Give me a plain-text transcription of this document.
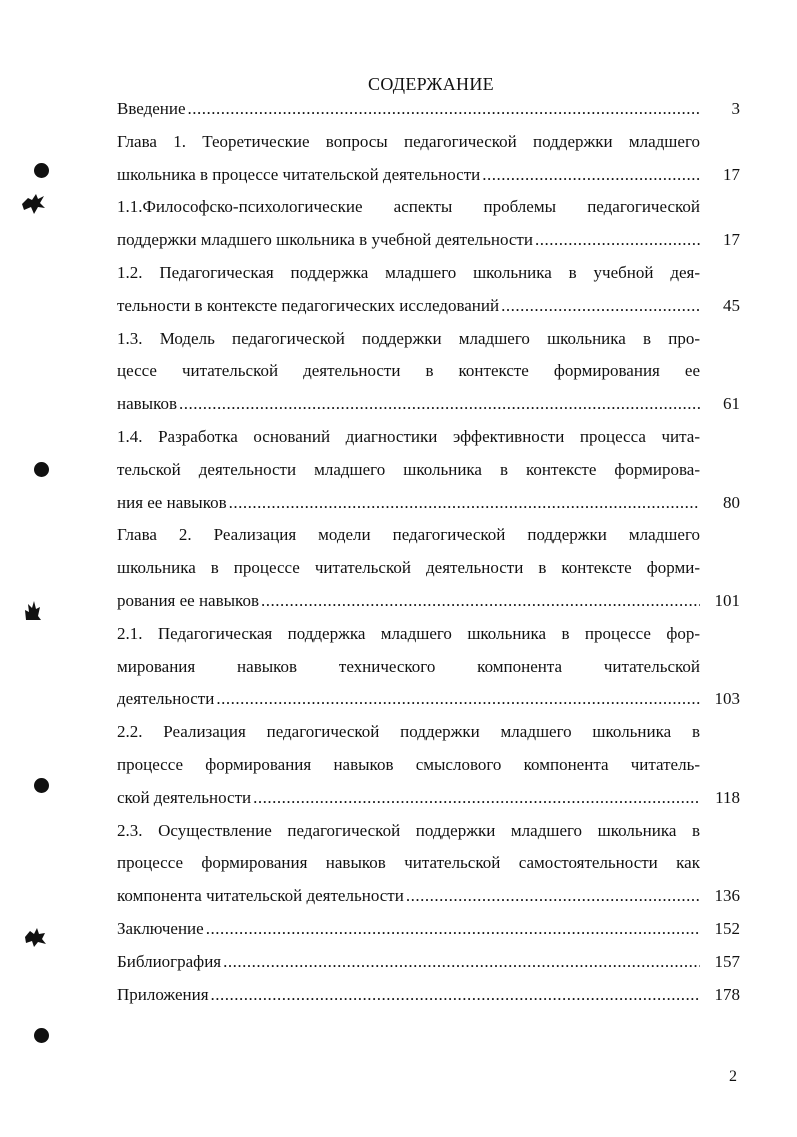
СОДЕРЖАНИЕ
Введение .....	3
Глава 1. Теоретические вопросы педагогической поддержки младшего
школьника в процессе читательской деятельности .....	17
1.1.Философско-психологические аспекты проблемы педагогической
поддержки младшего школьника в учебной деятельности .....	17
1.2. Педагогическая поддержка младшего школьника в учебной дея-
тельности в контексте педагогических исследований .....	45
1.3. Модель педагогической поддержки младшего школьника в про-
цессе читательской деятельности в контексте формирования ее
навыков .....	61
1.4. Разработка оснований диагностики эффективности процесса чита-
тельской деятельности младшего школьника в контексте формирова-
ния ее навыков .....	80
Глава 2. Реализация модели педагогической поддержки младшего
школьника в процессе читательской деятельности в контексте форми-
рования ее навыков .....	101
2.1. Педагогическая поддержка младшего школьника в процессе фор-
мирования навыков технического компонента читательской
деятельности .....	103
2.2. Реализация педагогической поддержки младшего школьника в
процессе формирования навыков смыслового компонента читатель-
ской деятельности .....	118
2.3. Осуществление педагогической поддержки младшего школьника в
процессе формирования навыков читательской самостоятельности как
компонента читательской деятельности .....	136
Заключение .....	152
Библиография .....	157
Приложения .....	178
2
